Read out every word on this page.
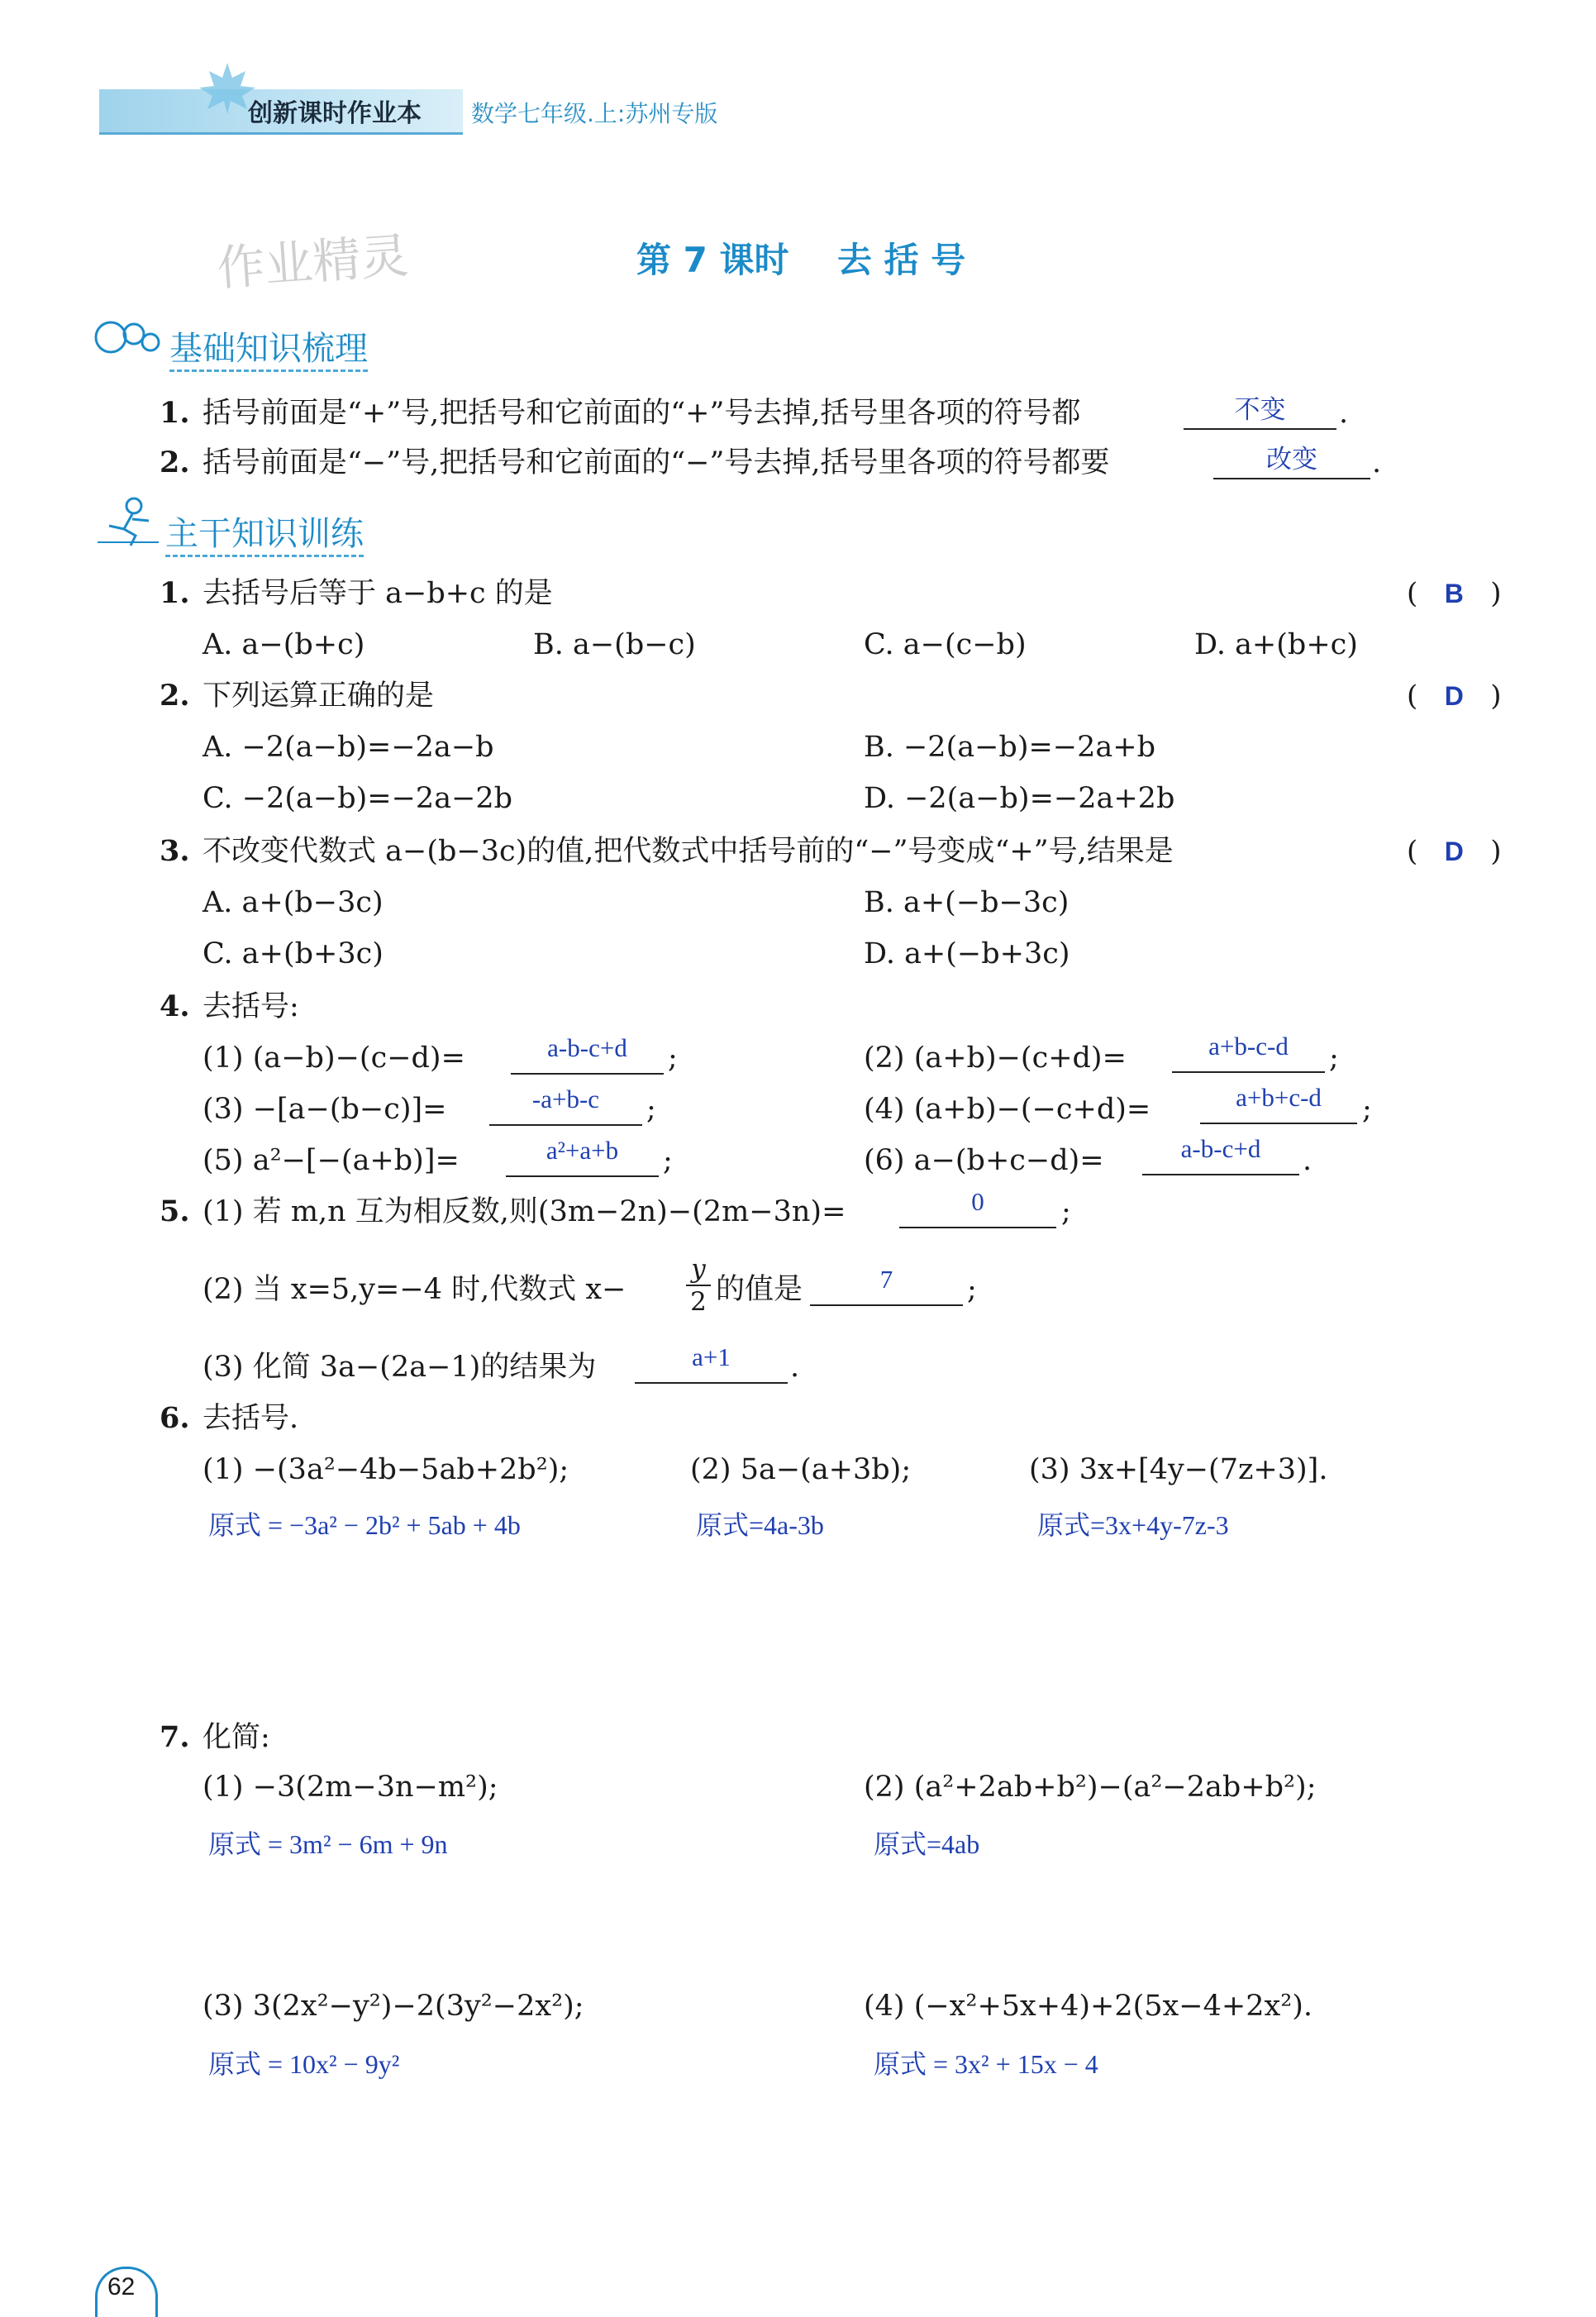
创新课时作业本 数学七年级.上:苏州专版
作业精灵	第 7 课时    去 括 号
基础知识梳理
1. 括号前面是“+”号,把括号和它前面的“+”号去掉,括号里各项的符号都	不变	.
2. 括号前面是“−”号,把括号和它前面的“−”号去掉,括号里各项的符号都要	改变	.
主干知识训练
1. 去括号后等于 a−b+c 的是	(   B   )
A. a−(b+c)	B. a−(b−c)	C. a−(c−b)	D. a+(b+c)
2. 下列运算正确的是	(   D   )
A. −2(a−b)=−2a−b	B. −2(a−b)=−2a+b
C. −2(a−b)=−2a−2b	D. −2(a−b)=−2a+2b
3. 不改变代数式 a−(b−3c)的值,把代数式中括号前的“−”号变成“+”号,结果是	(   D   )
A. a+(b−3c)	B. a+(−b−3c)
C. a+(b+3c)	D. a+(−b+3c)
4. 去括号:
(1) (a−b)−(c−d)=	a-b-c+d	;	(2) (a+b)−(c+d)=	a+b-c-d	;
(3) −[a−(b−c)]=	-a+b-c	;	(4) (a+b)−(−c+d)=	a+b+c-d	;
(5) a²−[−(a+b)]=	a²+a+b	;	(6) a−(b+c−d)=	a-b-c+d	.
5. (1) 若 m,n 互为相反数,则(3m−2n)−(2m−3n)=	0	;
(2) 当 x=5,y=−4 时,代数式 $x- \frac{y}{2}$ 的值是	7	;
(3) 化简 3a−(2a−1)的结果为	a+1	.
6. 去括号.
(1) −(3a²−4b−5ab+2b²);	(2) 5a−(a+3b);	(3) 3x+[4y−(7z+3)].
原式 = −3a² − 2b² + 5ab + 4b	原式=4a-3b	原式=3x+4y-7z-3
7. 化简:
(1) −3(2m−3n−m²);	(2) (a²+2ab+b²)−(a²−2ab+b²);
原式 = 3m² − 6m + 9n	原式=4ab
(3) 3(2x²−y²)−2(3y²−2x²);	(4) (−x²+5x+4)+2(5x−4+2x²).
原式 = 10x² − 9y²	原式 = 3x² + 15x − 4
62
